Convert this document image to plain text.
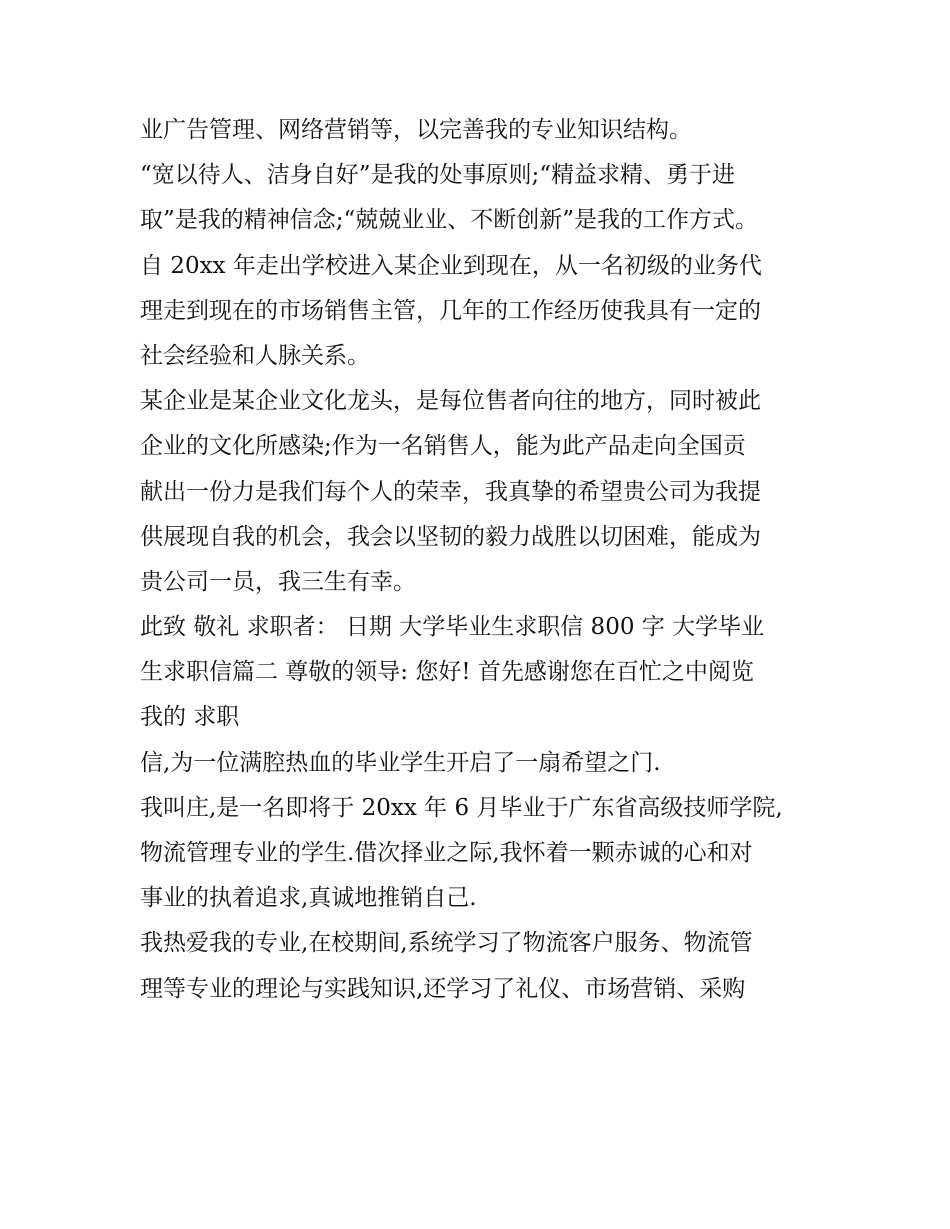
业广告管理、网络营销等，以完善我的专业知识结构。

“宽以待人、洁身自好”是我的处事原则;“精益求精、勇于进

取”是我的精神信念;“兢兢业业、不断创新”是我的工作方式。

自 20xx 年走出学校进入某企业到现在，从一名初级的业务代

理走到现在的市场销售主管，几年的工作经历使我具有一定的

社会经验和人脉关系。

某企业是某企业文化龙头，是每位售者向往的地方，同时被此

企业的文化所感染;作为一名销售人，能为此产品走向全国贡

献出一份力是我们每个人的荣幸，我真挚的希望贵公司为我提

供展现自我的机会，我会以坚韧的毅力战胜以切困难，能成为

贵公司一员，我三生有幸。

此致 敬礼 求职者： 日期 大学毕业生求职信 800 字 大学毕业

生求职信篇二 尊敬的领导: 您好! 首先感谢您在百忙之中阅览

我的 求职

信,为一位满腔热血的毕业学生开启了一扇希望之门.

我叫庄,是一名即将于 20xx 年 6 月毕业于广东省高级技师学院,

物流管理专业的学生.借次择业之际,我怀着一颗赤诚的心和对

事业的执着追求,真诚地推销自己.

我热爱我的专业,在校期间,系统学习了物流客户服务、物流管

理等专业的理论与实践知识,还学习了礼仪、市场营销、采购
